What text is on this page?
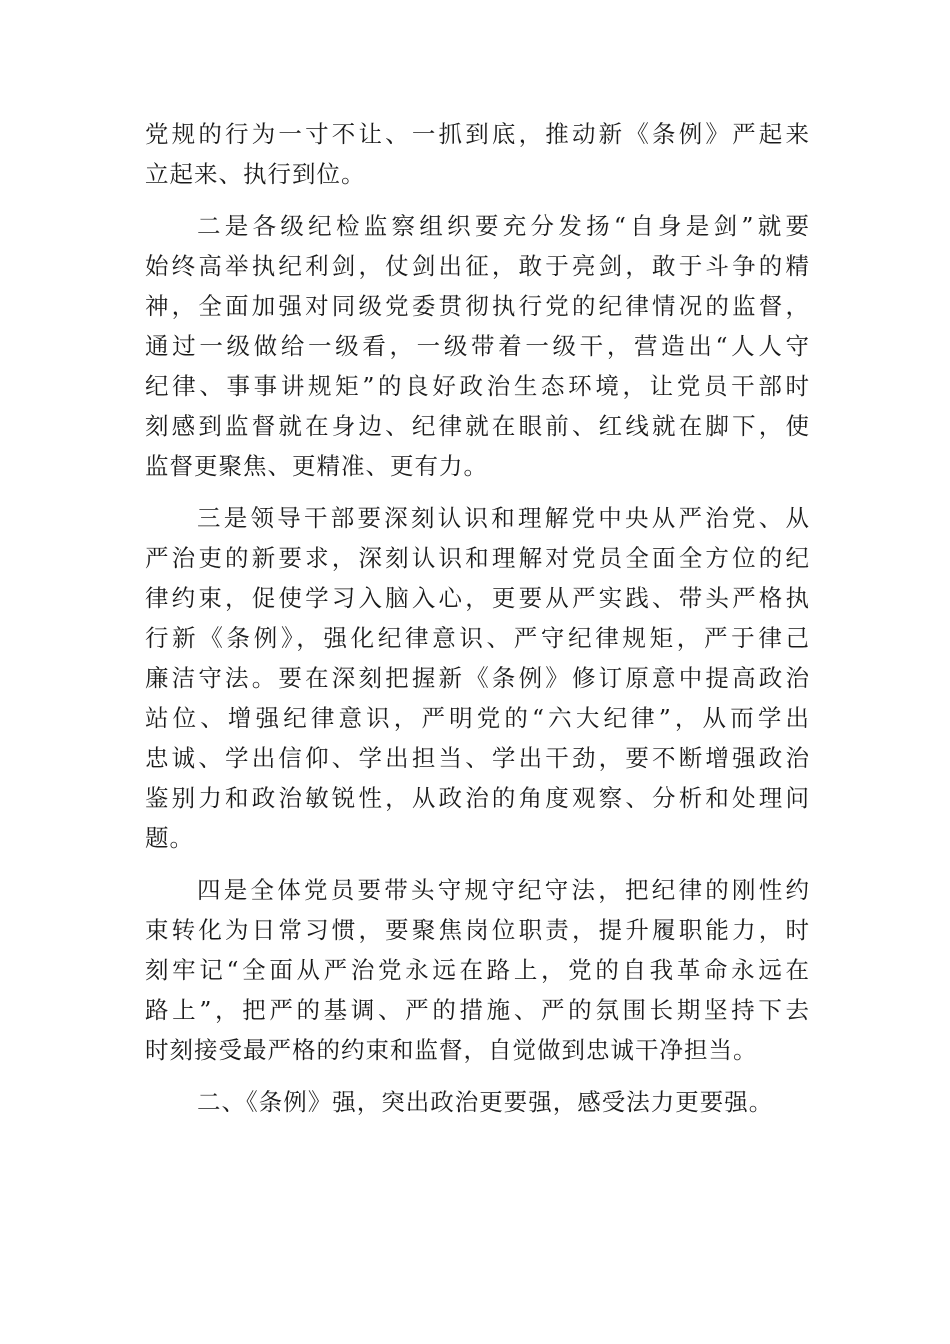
党规的行为一寸不让、一抓到底，推动新《条例》严起来
立起来、执行到位。
二是各级纪检监察组织要充分发扬“自身是剑”就要
始终高举执纪利剑，仗剑出征，敢于亮剑，敢于斗争的精
神，全面加强对同级党委贯彻执行党的纪律情况的监督，
通过一级做给一级看，一级带着一级干，营造出“人人守
纪律、事事讲规矩”的良好政治生态环境，让党员干部时
刻感到监督就在身边、纪律就在眼前、红线就在脚下，使
监督更聚焦、更精准、更有力。
三是领导干部要深刻认识和理解党中央从严治党、从
严治吏的新要求，深刻认识和理解对党员全面全方位的纪
律约束，促使学习入脑入心，更要从严实践、带头严格执
行新《条例》，强化纪律意识、严守纪律规矩，严于律己
廉洁守法。要在深刻把握新《条例》修订原意中提高政治
站位、增强纪律意识，严明党的“六大纪律”，从而学出
忠诚、学出信仰、学出担当、学出干劲，要不断增强政治
鉴别力和政治敏锐性，从政治的角度观察、分析和处理问
题。
四是全体党员要带头守规守纪守法，把纪律的刚性约
束转化为日常习惯，要聚焦岗位职责，提升履职能力，时
刻牢记“全面从严治党永远在路上，党的自我革命永远在
路上”，把严的基调、严的措施、严的氛围长期坚持下去
时刻接受最严格的约束和监督，自觉做到忠诚干净担当。
二、《条例》强，突出政治更要强，感受法力更要强。
